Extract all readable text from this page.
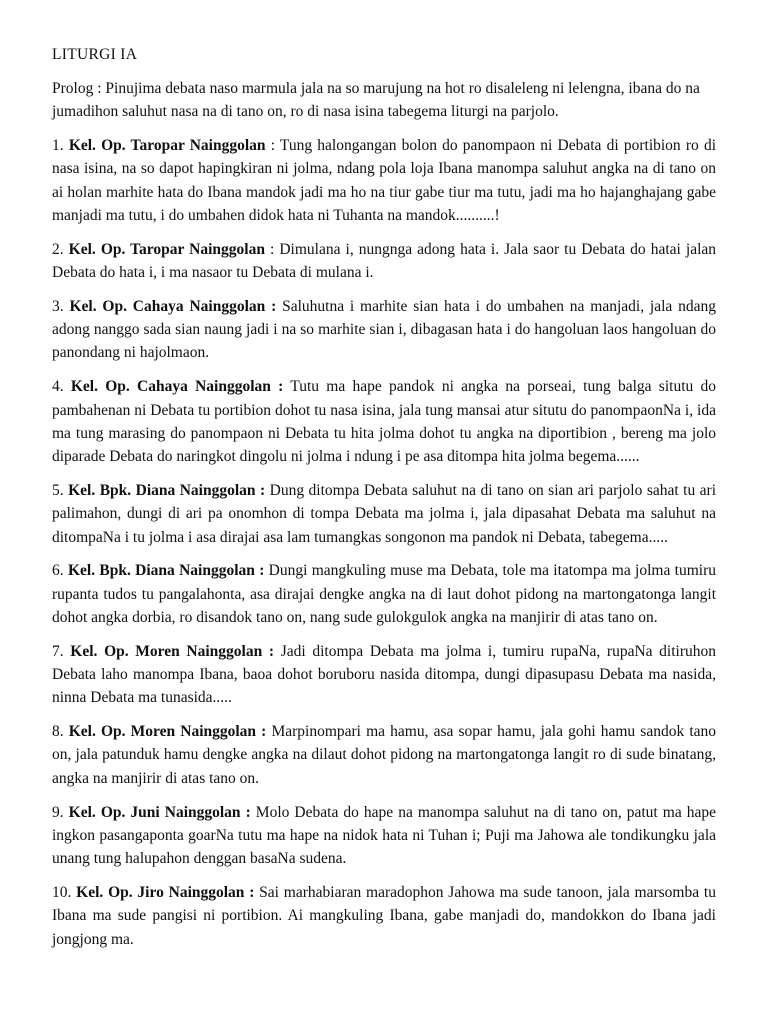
LITURGI IA

Prolog : Pinujima debata naso marmula jala na so marujung na hot ro disaleleng ni lelengna, ibana do na jumadihon saluhut nasa na di tano on, ro di nasa isina tabegema liturgi na parjolo.

1. Kel. Op. Taropar Nainggolan : Tung halongangan bolon do panompaon ni Debata di portibion ro di nasa isina, na so dapot hapingkiran ni jolma, ndang pola loja Ibana manompa saluhut angka na di tano on ai holan marhite hata do Ibana mandok jadi ma ho na tiur gabe tiur ma tutu, jadi ma ho hajanghajang gabe manjadi ma tutu, i do umbahen didok hata ni Tuhanta na mandok..........!

2. Kel. Op. Taropar Nainggolan : Dimulana i, nungnga adong hata i. Jala saor tu Debata do hatai jalan Debata do hata i, i ma nasaor tu Debata di mulana i.

3. Kel. Op. Cahaya Nainggolan : Saluhutna i marhite sian hata i do umbahen na manjadi, jala ndang adong nanggo sada sian naung jadi i na so marhite sian i, dibagasan hata i do hangoluan laos hangoluan do panondang ni hajolmaon.

4. Kel. Op. Cahaya Nainggolan : Tutu ma hape pandok ni angka na porseai, tung balga situtu do pambahenan ni Debata tu portibion dohot tu nasa isina, jala tung mansai atur situtu do panompaonNa i, ida ma tung marasing do panompaon ni Debata tu hita jolma dohot tu angka na diportibion , bereng ma jolo diparade Debata do naringkot dingolu ni jolma i ndung i pe asa ditompa hita jolma begema......

5. Kel. Bpk. Diana Nainggolan : Dung ditompa Debata saluhut na di tano on sian ari parjolo sahat tu ari palimahon, dungi di ari pa onomhon di tompa Debata ma jolma i, jala dipasahat Debata ma saluhut na ditompaNa i tu jolma i asa dirajai asa lam tumangkas songonon ma pandok ni Debata, tabegema.....

6. Kel. Bpk. Diana Nainggolan : Dungi mangkuling muse ma Debata, tole ma itatompa ma jolma tumiru rupanta tudos tu pangalahonta, asa dirajai dengke angka na di laut dohot pidong na martongatonga langit dohot angka dorbia, ro disandok tano on, nang sude gulokgulok angka na manjirir di atas tano on.

7. Kel. Op. Moren Nainggolan : Jadi ditompa Debata ma jolma i, tumiru rupaNa, rupaNa ditiruhon Debata laho manompa Ibana, baoa dohot boruboru nasida ditompa, dungi dipasupasu Debata ma nasida, ninna Debata ma tunasida.....

8. Kel. Op. Moren Nainggolan : Marpinompari ma hamu, asa sopar hamu, jala gohi hamu sandok tano on, jala patunduk hamu dengke angka na dilaut dohot pidong na martongatonga langit ro di sude binatang, angka na manjirir di atas tano on.

9. Kel. Op. Juni Nainggolan : Molo Debata do hape na manompa saluhut na di tano on, patut ma hape ingkon pasangaponta goarNa tutu ma hape na nidok hata ni Tuhan i; Puji ma Jahowa ale tondikungku jala unang tung halupahon denggan basaNa sudena.

10. Kel. Op. Jiro Nainggolan : Sai marhabiaran maradophon Jahowa ma sude tanoon, jala marsomba tu Ibana ma sude pangisi ni portibion. Ai mangkuling Ibana, gabe manjadi do, mandokkon do Ibana jadi jongjong ma.
